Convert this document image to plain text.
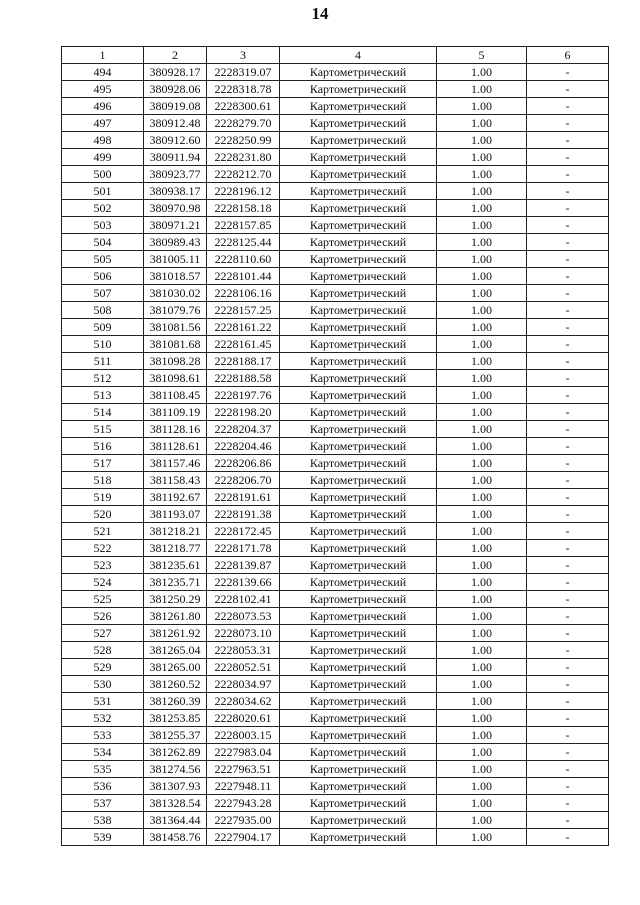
14
1	2	3	4	5	6
494	380928.17	2228319.07	Картометрический	1.00	-
495	380928.06	2228318.78	Картометрический	1.00	-
496	380919.08	2228300.61	Картометрический	1.00	-
497	380912.48	2228279.70	Картометрический	1.00	-
498	380912.60	2228250.99	Картометрический	1.00	-
499	380911.94	2228231.80	Картометрический	1.00	-
500	380923.77	2228212.70	Картометрический	1.00	-
501	380938.17	2228196.12	Картометрический	1.00	-
502	380970.98	2228158.18	Картометрический	1.00	-
503	380971.21	2228157.85	Картометрический	1.00	-
504	380989.43	2228125.44	Картометрический	1.00	-
505	381005.11	2228110.60	Картометрический	1.00	-
506	381018.57	2228101.44	Картометрический	1.00	-
507	381030.02	2228106.16	Картометрический	1.00	-
508	381079.76	2228157.25	Картометрический	1.00	-
509	381081.56	2228161.22	Картометрический	1.00	-
510	381081.68	2228161.45	Картометрический	1.00	-
511	381098.28	2228188.17	Картометрический	1.00	-
512	381098.61	2228188.58	Картометрический	1.00	-
513	381108.45	2228197.76	Картометрический	1.00	-
514	381109.19	2228198.20	Картометрический	1.00	-
515	381128.16	2228204.37	Картометрический	1.00	-
516	381128.61	2228204.46	Картометрический	1.00	-
517	381157.46	2228206.86	Картометрический	1.00	-
518	381158.43	2228206.70	Картометрический	1.00	-
519	381192.67	2228191.61	Картометрический	1.00	-
520	381193.07	2228191.38	Картометрический	1.00	-
521	381218.21	2228172.45	Картометрический	1.00	-
522	381218.77	2228171.78	Картометрический	1.00	-
523	381235.61	2228139.87	Картометрический	1.00	-
524	381235.71	2228139.66	Картометрический	1.00	-
525	381250.29	2228102.41	Картометрический	1.00	-
526	381261.80	2228073.53	Картометрический	1.00	-
527	381261.92	2228073.10	Картометрический	1.00	-
528	381265.04	2228053.31	Картометрический	1.00	-
529	381265.00	2228052.51	Картометрический	1.00	-
530	381260.52	2228034.97	Картометрический	1.00	-
531	381260.39	2228034.62	Картометрический	1.00	-
532	381253.85	2228020.61	Картометрический	1.00	-
533	381255.37	2228003.15	Картометрический	1.00	-
534	381262.89	2227983.04	Картометрический	1.00	-
535	381274.56	2227963.51	Картометрический	1.00	-
536	381307.93	2227948.11	Картометрический	1.00	-
537	381328.54	2227943.28	Картометрический	1.00	-
538	381364.44	2227935.00	Картометрический	1.00	-
539	381458.76	2227904.17	Картометрический	1.00	-
